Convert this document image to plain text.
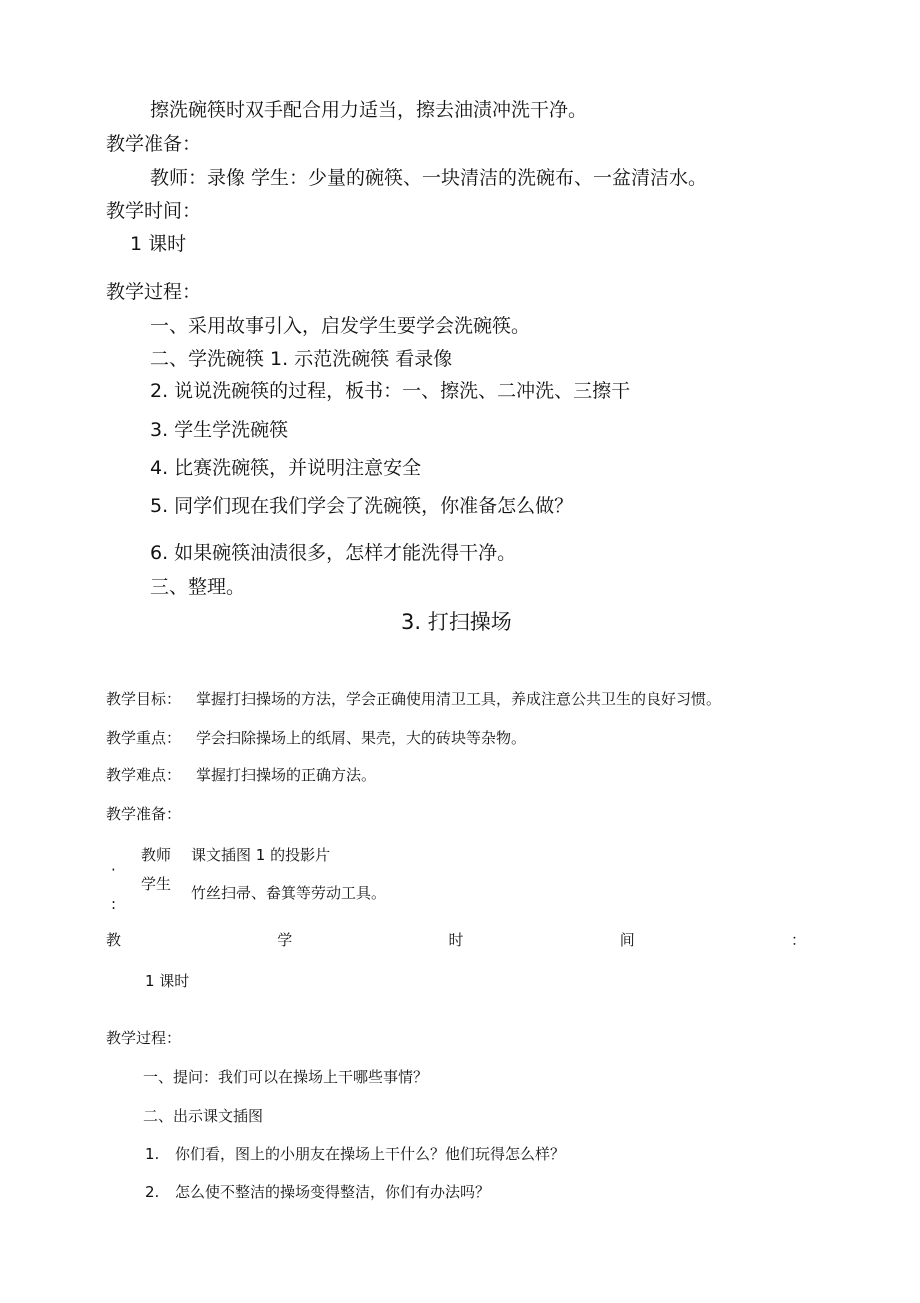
擦洗碗筷时双手配合用力适当，擦去油渍冲洗干净。
教学准备：
教师：录像 学生：少量的碗筷、一块清洁的洗碗布、一盆清洁水。
教学时间：
1 课时
教学过程：
一、采用故事引入，启发学生要学会洗碗筷。
二、学洗碗筷 1. 示范洗碗筷 看录像
2. 说说洗碗筷的过程，板书：一、擦洗、二冲洗、三擦干
3. 学生学洗碗筷
4. 比赛洗碗筷，并说明注意安全
5. 同学们现在我们学会了洗碗筷，你准备怎么做？
6. 如果碗筷油渍很多，怎样才能洗得干净。
三、整理。
3. 打扫操场
教学目标： 掌握打扫操场的方法，学会正确使用清卫工具，养成注意公共卫生的良好习惯。
教学重点： 学会扫除操场上的纸屑、果壳，大的砖块等杂物。
教学难点： 掌握打扫操场的正确方法。
教学准备：
教师 课文插图 1 的投影片
·
学生 竹丝扫帚、畚箕等劳动工具。
:
教	学	时	间	：
1 课时
教学过程：
一、提问：我们可以在操场上干哪些事情？
二、出示课文插图
1. 你们看，图上的小朋友在操场上干什么？他们玩得怎么样？
2. 怎么使不整洁的操场变得整洁，你们有办法吗？
